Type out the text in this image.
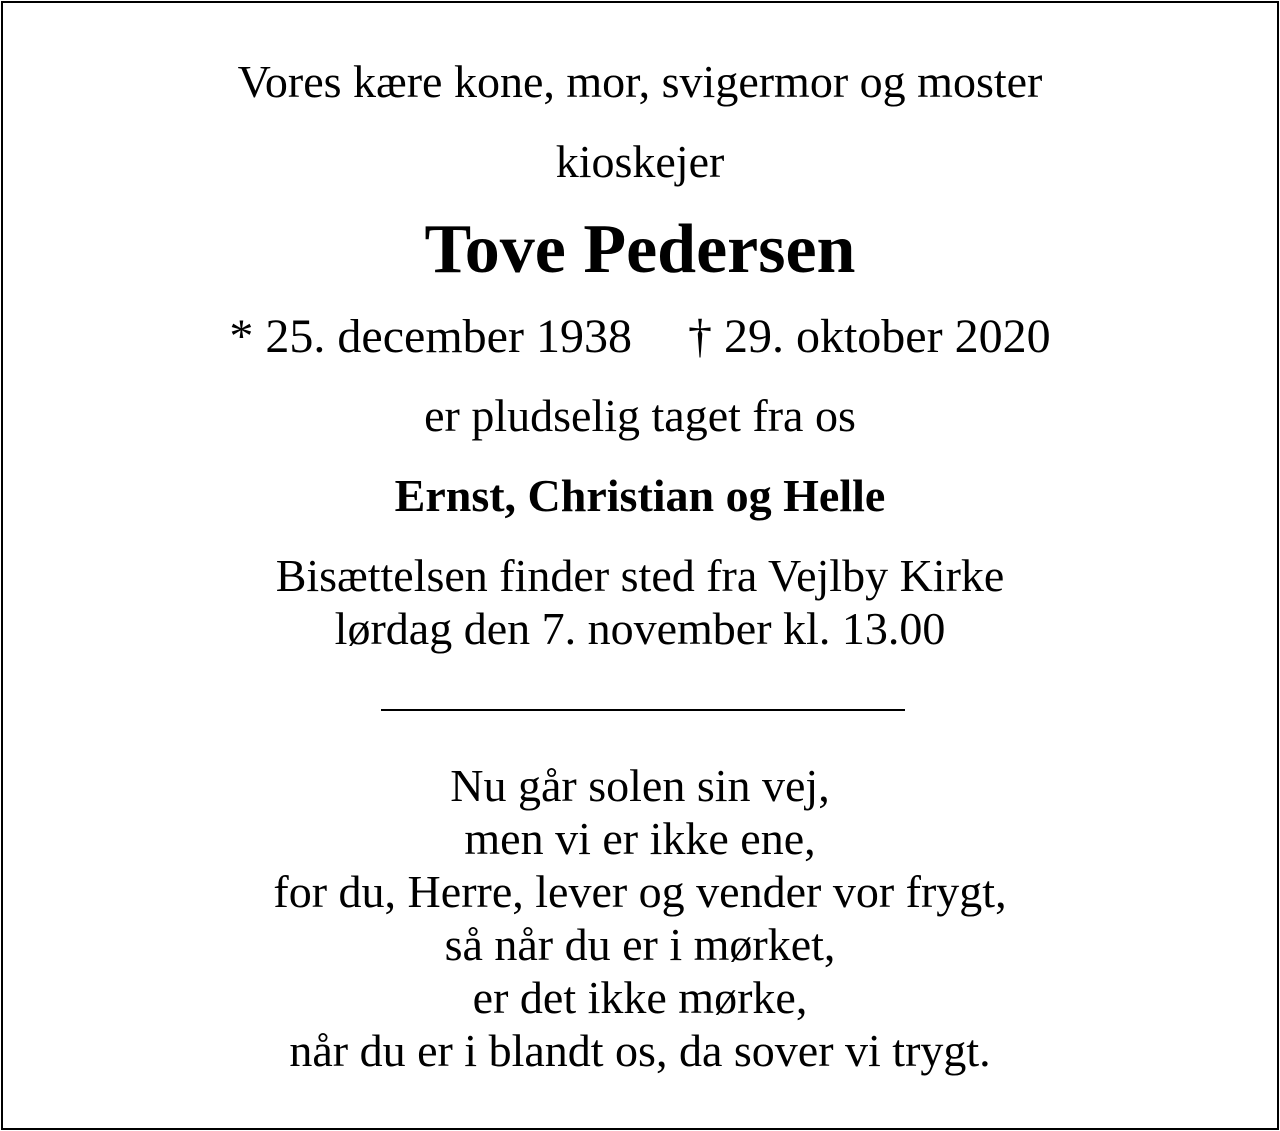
Vores kære kone, mor, svigermor og moster
kioskejer
Tove Pedersen
* 25. december 1938 † 29. oktober 2020
er pludselig taget fra os
Ernst, Christian og Helle
Bisættelsen finder sted fra Vejlby Kirke
lørdag den 7. november kl. 13.00
Nu går solen sin vej,
men vi er ikke ene,
for du, Herre, lever og vender vor frygt,
så når du er i mørket,
er det ikke mørke,
når du er i blandt os, da sover vi trygt.
